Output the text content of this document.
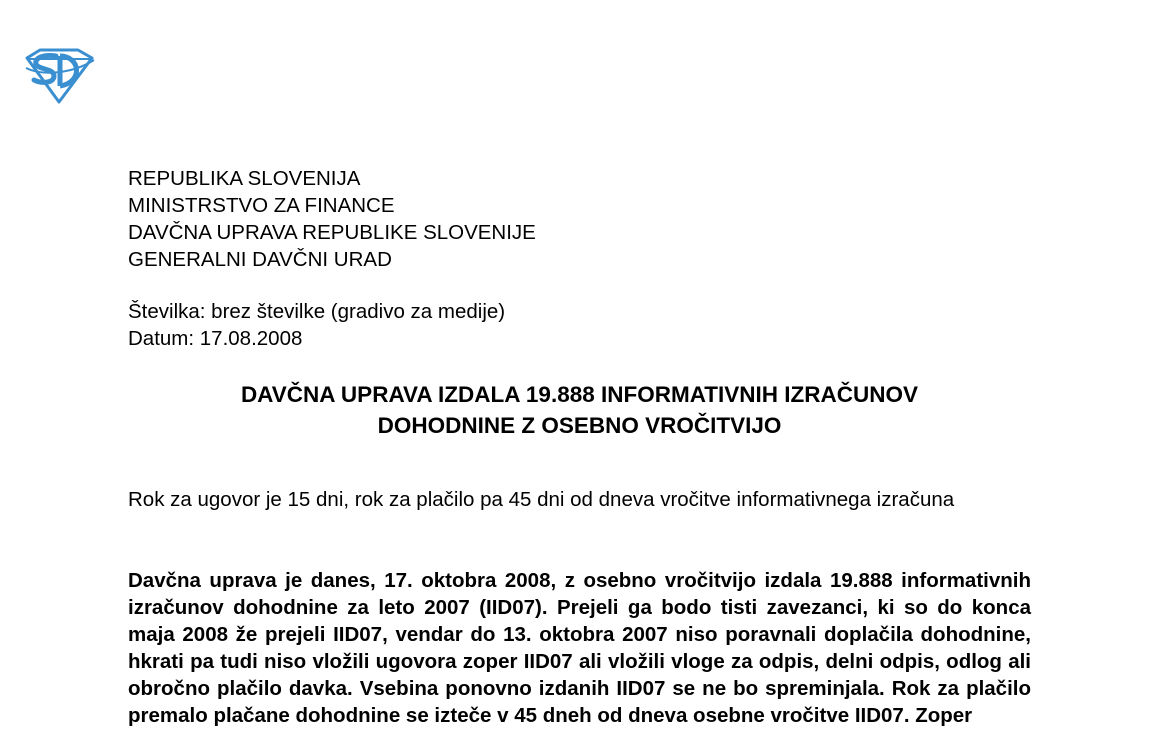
REPUBLIKA SLOVENIJA
MINISTRSTVO ZA FINANCE
DAVČNA UPRAVA REPUBLIKE SLOVENIJE
GENERALNI DAVČNI URAD
Številka: brez številke (gradivo za medije)
Datum: 17.08.2008
DAVČNA UPRAVA IZDALA 19.888 INFORMATIVNIH IZRAČUNOV
DOHODNINE Z OSEBNO VROČITVIJO
Rok za ugovor je 15 dni, rok za plačilo pa 45 dni od dneva vročitve informativnega izračuna
Davčna uprava je danes, 17. oktobra 2008, z osebno vročitvijo izdala 19.888 informativnih izračunov dohodnine za leto 2007 (IID07). Prejeli ga bodo tisti zavezanci, ki so do konca maja 2008 že prejeli IID07, vendar do 13. oktobra 2007 niso poravnali doplačila dohodnine, hkrati pa tudi niso vložili ugovora zoper IID07 ali vložili vloge za odpis, delni odpis, odlog ali obročno plačilo davka. Vsebina ponovno izdanih IID07 se ne bo spreminjala. Rok za plačilo premalo plačane dohodnine se izteče v 45 dneh od dneva osebne vročitve IID07. Zoper
